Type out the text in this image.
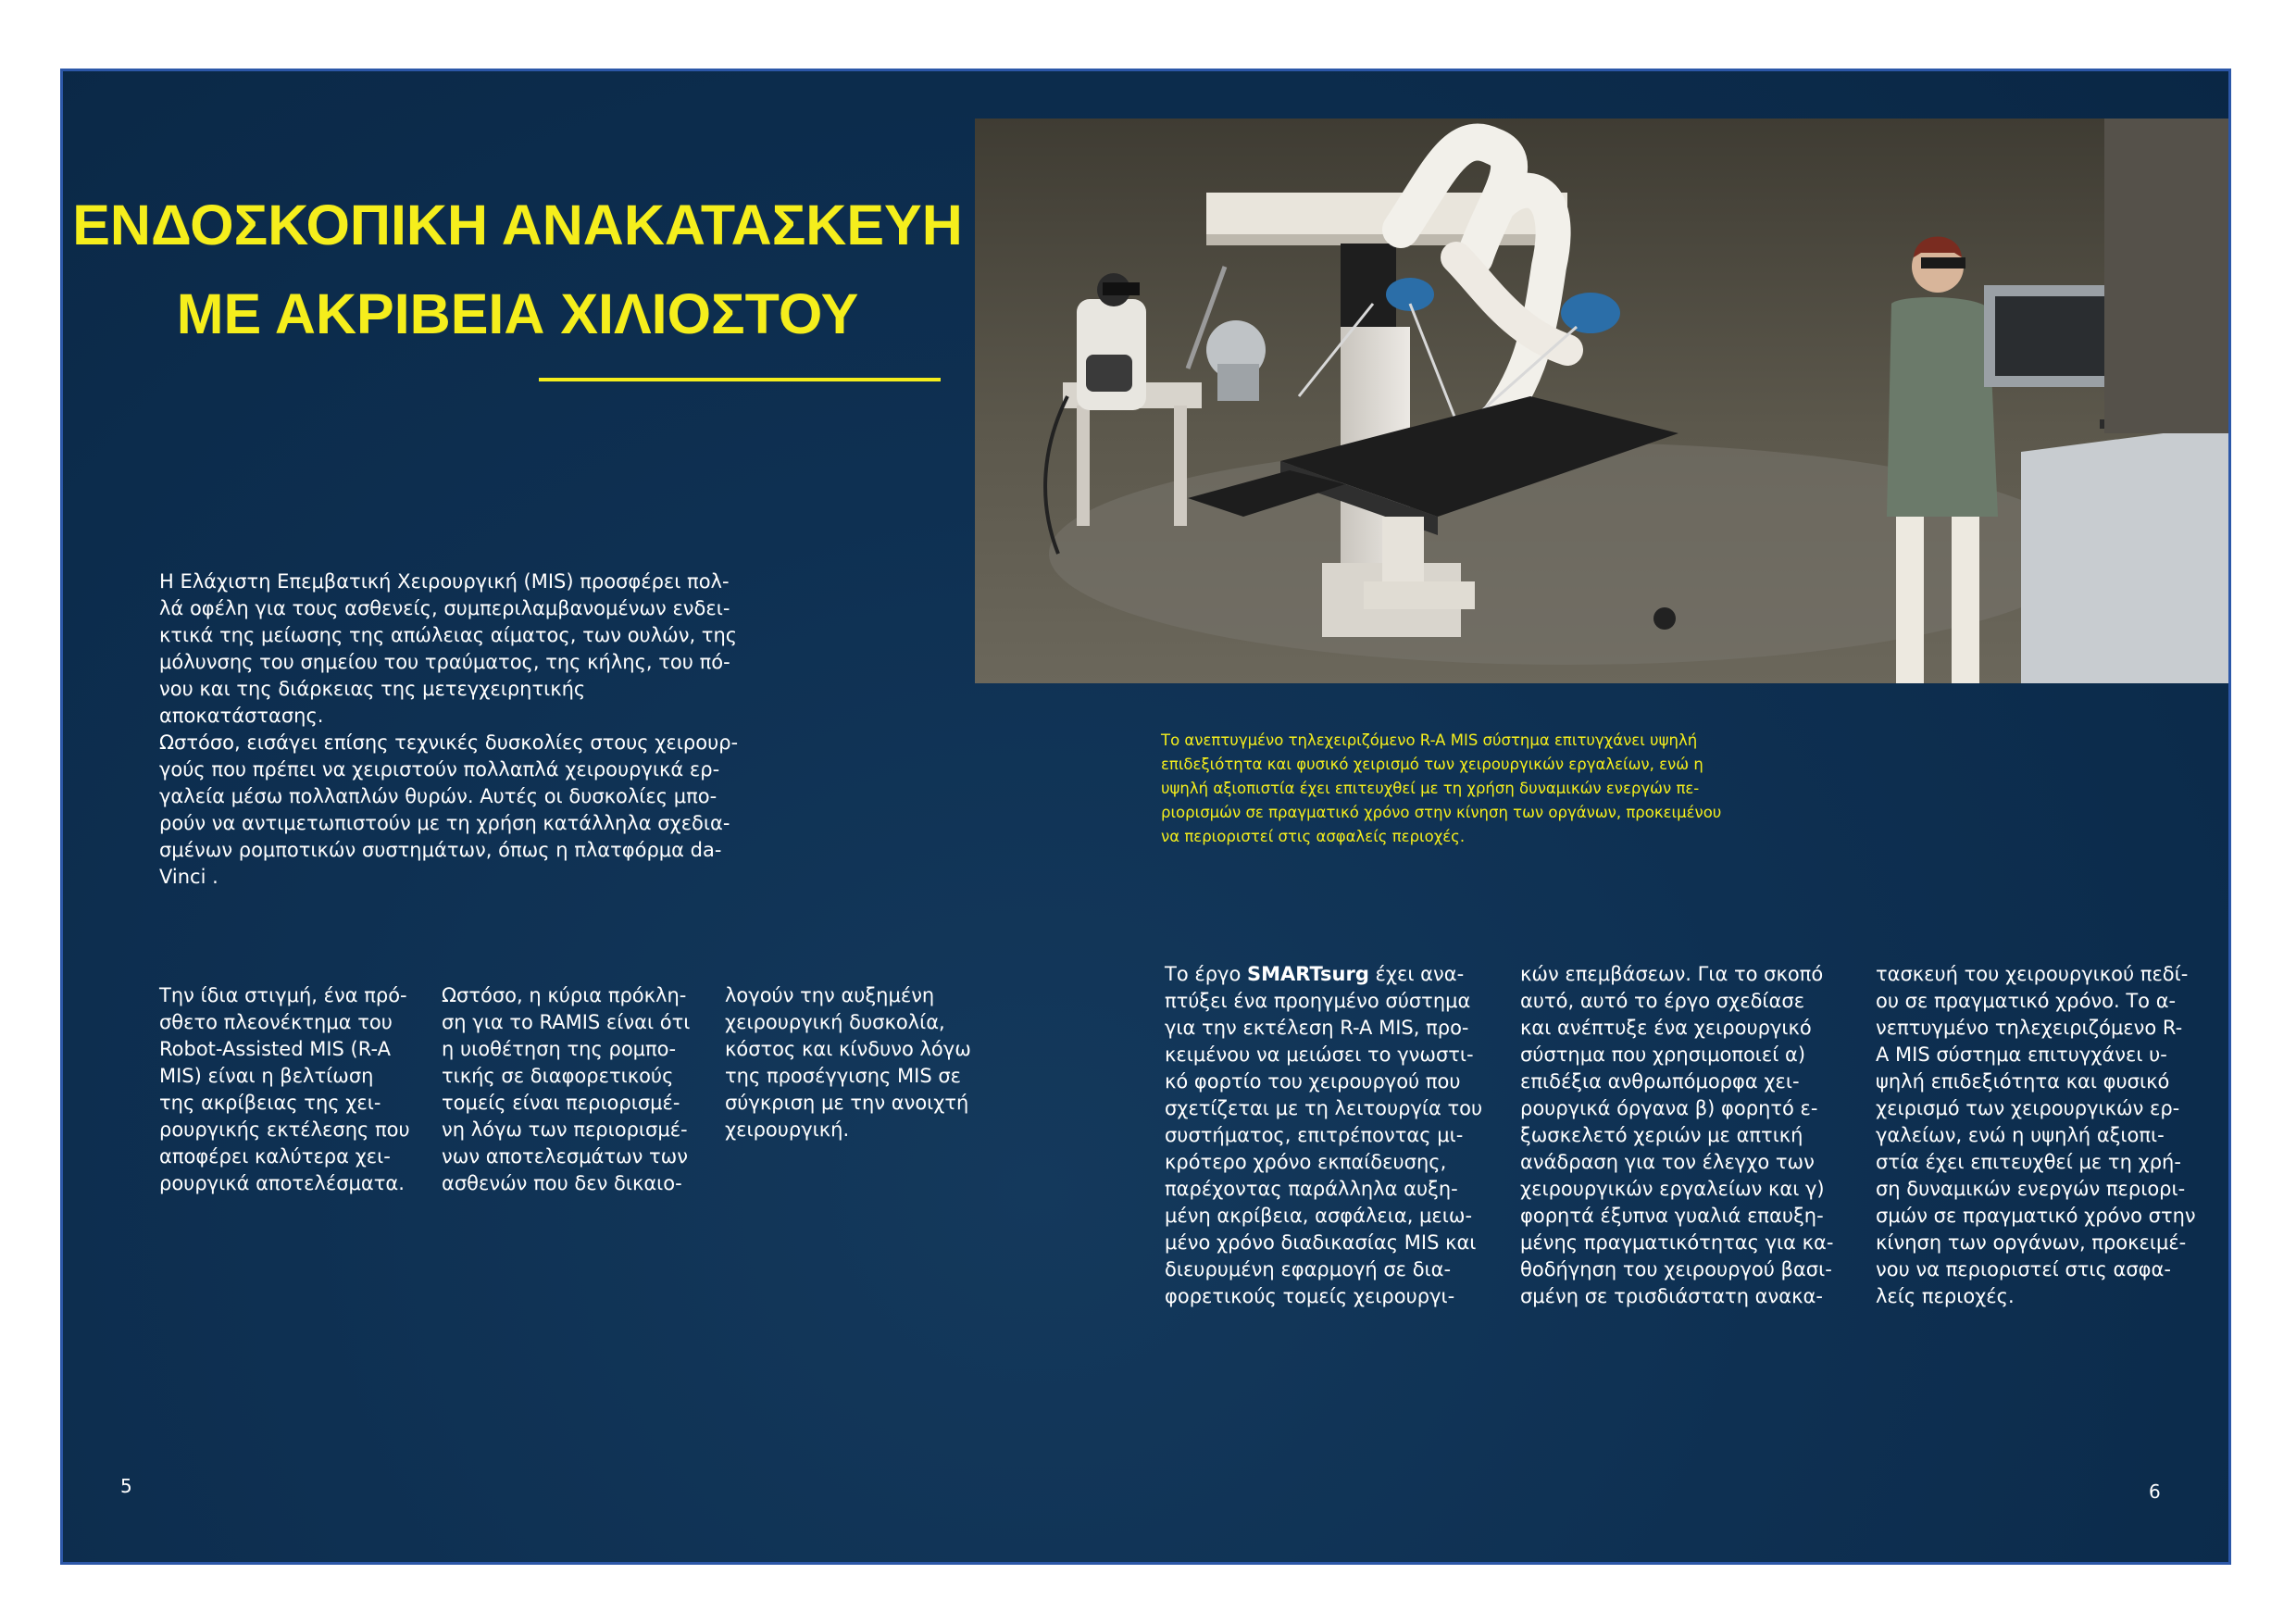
ΕΝΔΟΣΚΟΠΙΚΗ ΑΝΑΚΑΤΑΣΚΕΥΗ
ΜΕ ΑΚΡΙΒΕΙΑ ΧΙΛΙΟΣΤΟΥ
Η Ελάχιστη Επεμβατική Χειρουργική (MIS) προσφέρει πολ-
λά οφέλη για τους ασθενείς, συμπεριλαμβανομένων ενδει-
κτικά της μείωσης της απώλειας αίματος, των ουλών, της
μόλυνσης του σημείου του τραύματος, της κήλης, του πό-
νου και της διάρκειας της μετεγχειρητικής αποκατάστασης.
Ωστόσο, εισάγει επίσης τεχνικές δυσκολίες στους χειρουρ-
γούς που πρέπει να χειριστούν πολλαπλά χειρουργικά ερ-
γαλεία μέσω πολλαπλών θυρών. Αυτές οι δυσκολίες μπο-
ρούν να αντιμετωπιστούν με τη χρήση κατάλληλα σχεδια-
σμένων ρομποτικών συστημάτων, όπως η πλατφόρμα da-
Vinci .
Την ίδια στιγμή, ένα πρό-
σθετο πλεονέκτημα του
Robot-Assisted MIS (R-A
MIS) είναι η βελτίωση
της ακρίβειας της χει-
ρουργικής εκτέλεσης που
αποφέρει καλύτερα χει-
ρουργικά αποτελέσματα.
Ωστόσο, η κύρια πρόκλη-
ση για το RAMIS είναι ότι
η υιοθέτηση της ρομπο-
τικής σε διαφορετικούς
τομείς είναι περιορισμέ-
νη λόγω των περιορισμέ-
νων αποτελεσμάτων των
ασθενών που δεν δικαιο-
λογούν την αυξημένη
χειρουργική δυσκολία,
κόστος και κίνδυνο λόγω
της προσέγγισης MIS σε
σύγκριση με την ανοιχτή
χειρουργική.
Το ανεπτυγμένο τηλεχειριζόμενο R-A MIS σύστημα επιτυγχάνει υψηλή
επιδεξιότητα και φυσικό χειρισμό των χειρουργικών εργαλείων, ενώ η
υψηλή αξιοπιστία έχει επιτευχθεί με τη χρήση δυναμικών ενεργών πε-
ριορισμών σε πραγματικό χρόνο στην κίνηση των οργάνων, προκειμένου
να περιοριστεί στις ασφαλείς περιοχές.
Το έργο SMARTsurg έχει ανα-
πτύξει ένα προηγμένο σύστημα
για την εκτέλεση R-A MIS, προ-
κειμένου να μειώσει το γνωστι-
κό φορτίο του χειρουργού που
σχετίζεται με τη λειτουργία του
συστήματος, επιτρέποντας μι-
κρότερο χρόνο εκπαίδευσης,
παρέχοντας παράλληλα αυξη-
μένη ακρίβεια, ασφάλεια, μειω-
μένο χρόνο διαδικασίας MIS και
διευρυμένη εφαρμογή σε δια-
φορετικούς τομείς χειρουργι-
κών επεμβάσεων. Για το σκοπό
αυτό, αυτό το έργο σχεδίασε
και ανέπτυξε ένα χειρουργικό
σύστημα που χρησιμοποιεί α)
επιδέξια ανθρωπόμορφα χει-
ρουργικά όργανα β) φορητό ε-
ξωσκελετό χεριών με απτική
ανάδραση για τον έλεγχο των
χειρουργικών εργαλείων και γ)
φορητά έξυπνα γυαλιά επαυξη-
μένης πραγματικότητας για κα-
θοδήγηση του χειρουργού βασι-
σμένη σε τρισδιάστατη ανακα-
τασκευή του χειρουργικού πεδί-
ου σε πραγματικό χρόνο. Το α-
νεπτυγμένο τηλεχειριζόμενο R-
A MIS σύστημα επιτυγχάνει υ-
ψηλή επιδεξιότητα και φυσικό
χειρισμό των χειρουργικών ερ-
γαλείων, ενώ η υψηλή αξιοπι-
στία έχει επιτευχθεί με τη χρή-
ση δυναμικών ενεργών περιορι-
σμών σε πραγματικό χρόνο στην
κίνηση των οργάνων, προκειμέ-
νου να περιοριστεί στις ασφα-
λείς περιοχές.
5	6
